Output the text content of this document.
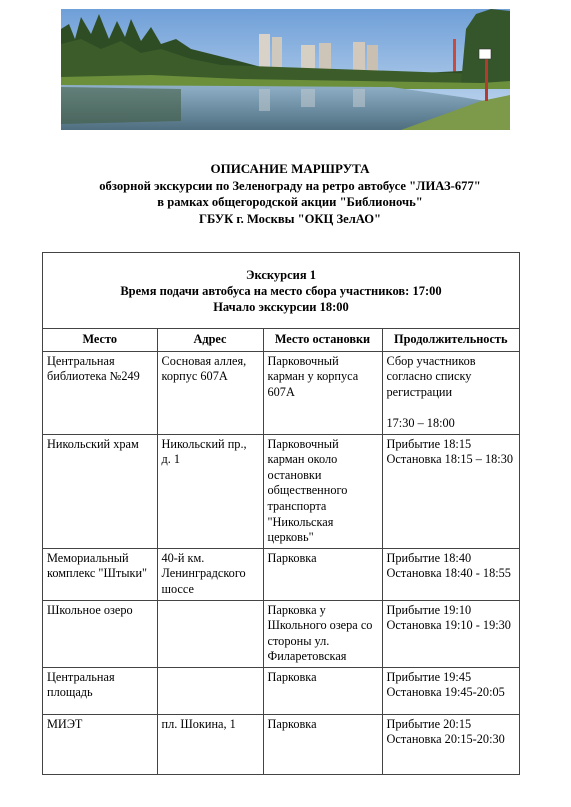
ОПИСАНИЕ МАРШРУТА
обзорной экскурсии по Зеленограду на ретро автобусе "ЛИАЗ-677"
в рамках общегородской акции "Библионочь"
ГБУК г. Москвы "ОКЦ ЗелАО"
Экскурсия 1
Время подачи автобуса на место сбора участников: 17:00
Начало экскурсии 18:00
Место	Адрес	Место остановки	Продолжительность
Центральная библиотека №249	Сосновая аллея, корпус 607А	Парковочный карман у корпуса 607А	Сбор участников согласно списку регистрации
17:30 – 18:00

Никольский храм	Никольский пр., д. 1	Парковочный карман около остановки общественного транспорта "Никольская церковь"	Прибытие 18:15
Остановка 18:15 – 18:30

Мемориальный комплекс "Штыки"	40-й км. Ленинградского шоссе	Парковка	Прибытие 18:40
Остановка 18:40 - 18:55

Школьное озеро		Парковка у Школьного озера со стороны ул. Филаретовская	Прибытие 19:10
Остановка 19:10 - 19:30

Центральная площадь		Парковка	Прибытие 19:45
Остановка 19:45-20:05

МИЭТ	пл. Шокина, 1	Парковка	Прибытие 20:15
Остановка 20:15-20:30
